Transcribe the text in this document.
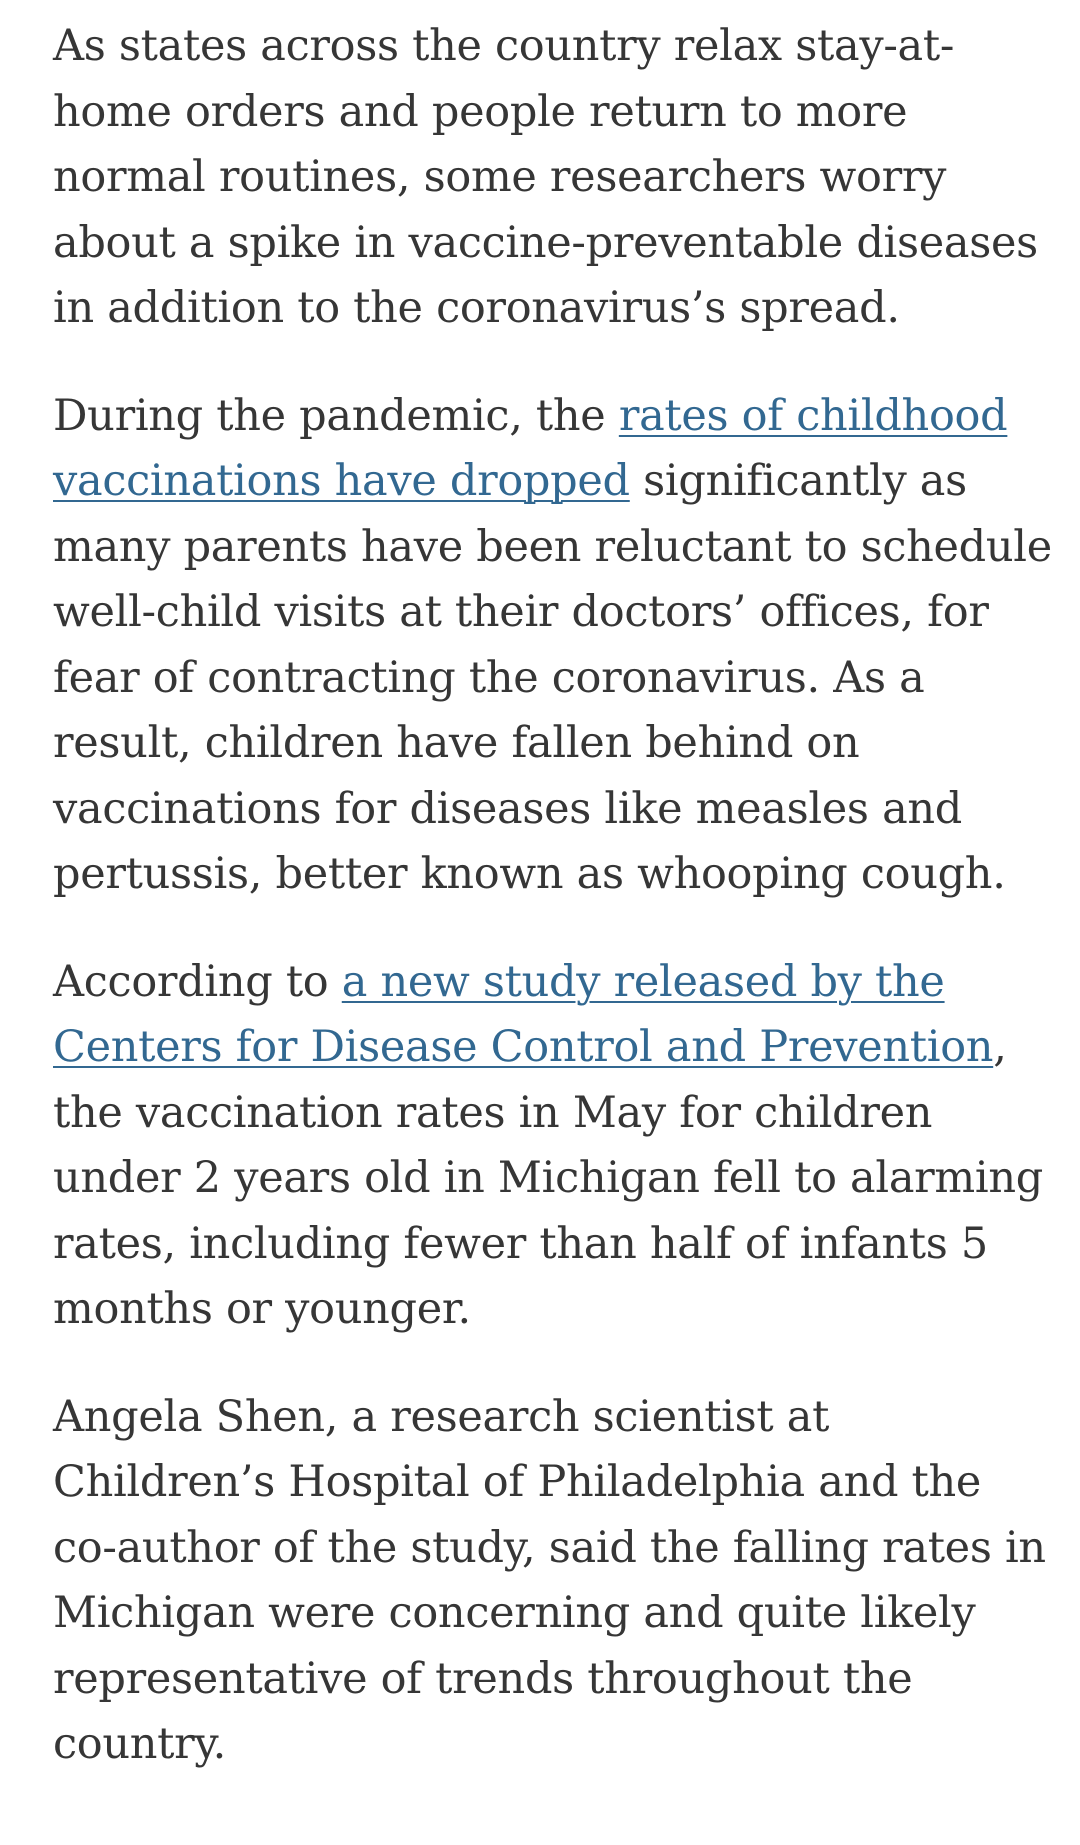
As states across the country relax stay-at-home orders and people return to more normal routines, some researchers worry about a spike in vaccine-preventable diseases in addition to the coronavirus’s spread.

During the pandemic, the rates of childhood vaccinations have dropped significantly as many parents have been reluctant to schedule well-child visits at their doctors’ offices, for fear of contracting the coronavirus. As a result, children have fallen behind on vaccinations for diseases like measles and pertussis, better known as whooping cough.

According to a new study released by the Centers for Disease Control and Prevention, the vaccination rates in May for children under 2 years old in Michigan fell to alarming rates, including fewer than half of infants 5 months or younger.

Angela Shen, a research scientist at Children’s Hospital of Philadelphia and the co-author of the study, said the falling rates in Michigan were concerning and quite likely representative of trends throughout the country.
